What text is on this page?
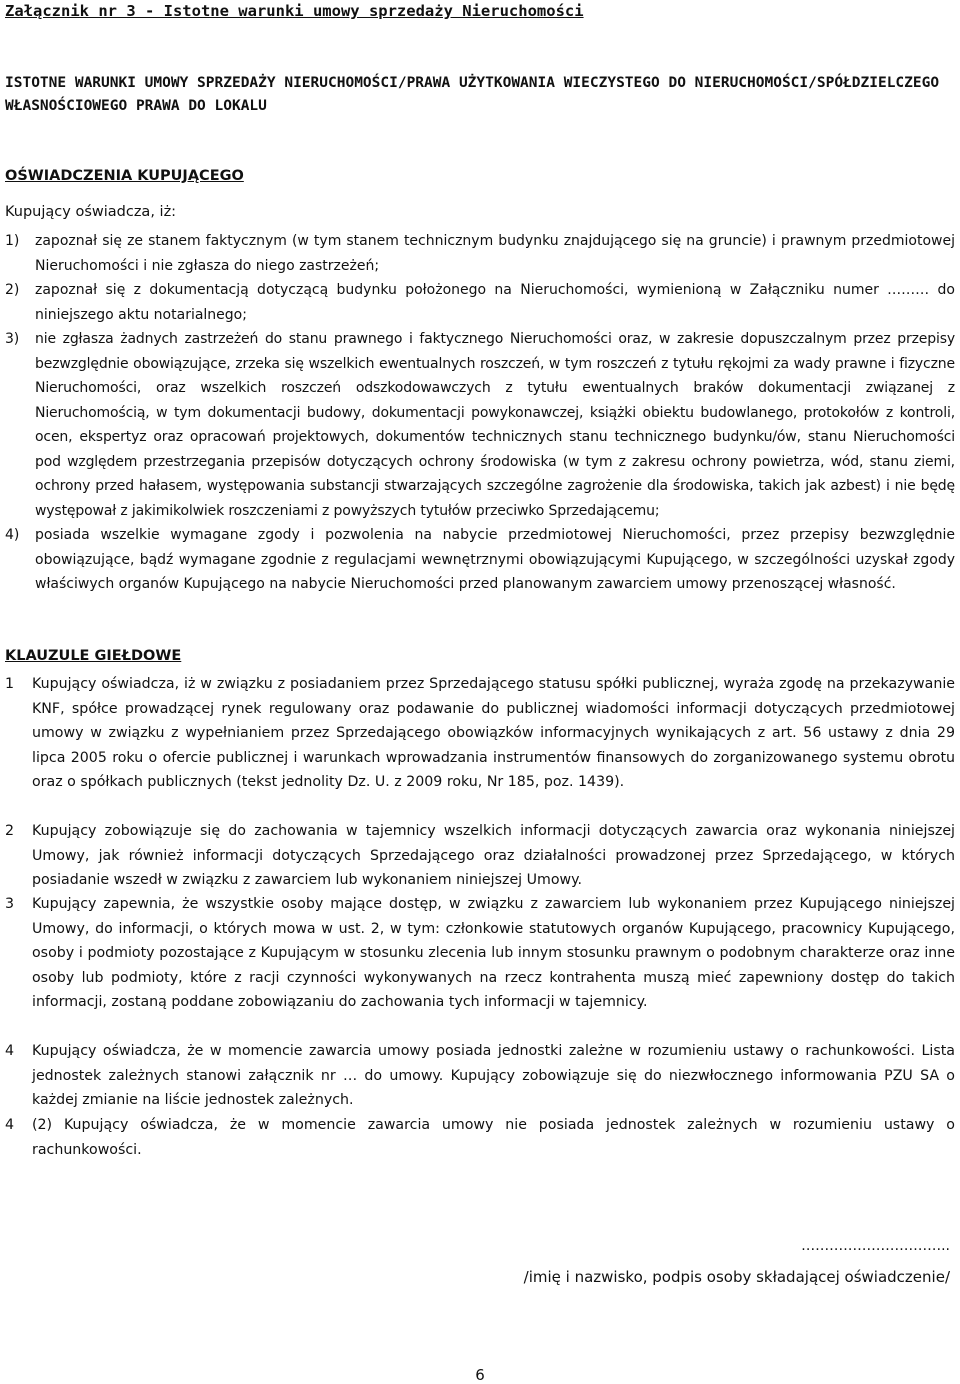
Załącznik nr 3 - Istotne warunki umowy sprzedaży Nieruchomości
ISTOTNE WARUNKI UMOWY SPRZEDAŻY NIERUCHOMOŚCI/PRAWA UŻYTKOWANIA WIECZYSTEGO DO NIERUCHOMOŚCI/SPÓŁDZIELCZEGO WŁASNOŚCIOWEGO PRAWA DO LOKALU
OŚWIADCZENIA KUPUJĄCEGO
Kupujący oświadcza, iż:
1) zapoznał się ze stanem faktycznym (w tym stanem technicznym budynku znajdującego się na gruncie) i prawnym przedmiotowej Nieruchomości i nie zgłasza do niego zastrzeżeń;
2) zapoznał się z dokumentacją dotyczącą budynku położonego na Nieruchomości, wymienioną w Załączniku numer ……… do niniejszego aktu notarialnego;
3) nie zgłasza żadnych zastrzeżeń do stanu prawnego i faktycznego Nieruchomości oraz, w zakresie dopuszczalnym przez przepisy bezwzględnie obowiązujące, zrzeka się wszelkich ewentualnych roszczeń, w tym roszczeń z tytułu rękojmi za wady prawne i fizyczne Nieruchomości, oraz wszelkich roszczeń odszkodowawczych z tytułu ewentualnych braków dokumentacji związanej z Nieruchomością, w tym dokumentacji budowy, dokumentacji powykonawczej, książki obiektu budowlanego, protokołów z kontroli, ocen, ekspertyz oraz opracowań projektowych, dokumentów technicznych stanu technicznego budynku/ów, stanu Nieruchomości pod względem przestrzegania przepisów dotyczących ochrony środowiska (w tym z zakresu ochrony powietrza, wód, stanu ziemi, ochrony przed hałasem, występowania substancji stwarzających szczególne zagrożenie dla środowiska, takich jak azbest) i nie będę występował z jakimikolwiek roszczeniami z powyższych tytułów przeciwko Sprzedającemu;
4) posiada wszelkie wymagane zgody i pozwolenia na nabycie przedmiotowej Nieruchomości, przez przepisy bezwzględnie obowiązujące, bądź wymagane zgodnie z regulacjami wewnętrznymi obowiązującymi Kupującego, w szczególności uzyskał zgody właściwych organów Kupującego na nabycie Nieruchomości przed planowanym zawarciem umowy przenoszącej własność.
KLAUZULE GIEŁDOWE
1 Kupujący oświadcza, iż w związku z posiadaniem przez Sprzedającego statusu spółki publicznej, wyraża zgodę na przekazywanie KNF, spółce prowadzącej rynek regulowany oraz podawanie do publicznej wiadomości informacji dotyczących przedmiotowej umowy w związku z wypełnianiem przez Sprzedającego obowiązków informacyjnych wynikających z art. 56 ustawy z dnia 29 lipca 2005 roku o ofercie publicznej i warunkach wprowadzania instrumentów finansowych do zorganizowanego systemu obrotu oraz o spółkach publicznych (tekst jednolity Dz. U. z 2009 roku, Nr 185, poz. 1439).
2 Kupujący zobowiązuje się do zachowania w tajemnicy wszelkich informacji dotyczących zawarcia oraz wykonania niniejszej Umowy, jak również informacji dotyczących Sprzedającego oraz działalności prowadzonej przez Sprzedającego, w których posiadanie wszedł w związku z zawarciem lub wykonaniem niniejszej Umowy.
3 Kupujący zapewnia, że wszystkie osoby mające dostęp, w związku z zawarciem lub wykonaniem przez Kupującego niniejszej Umowy, do informacji, o których mowa w ust. 2, w tym: członkowie statutowych organów Kupującego, pracownicy Kupującego, osoby i podmioty pozostające z Kupującym w stosunku zlecenia lub innym stosunku prawnym o podobnym charakterze oraz inne osoby lub podmioty, które z racji czynności wykonywanych na rzecz kontrahenta muszą mieć zapewniony dostęp do takich informacji, zostaną poddane zobowiązaniu do zachowania tych informacji w tajemnicy.
4 Kupujący oświadcza, że w momencie zawarcia umowy posiada jednostki zależne w rozumieniu ustawy o rachunkowości. Lista jednostek zależnych stanowi załącznik nr … do umowy. Kupujący zobowiązuje się do niezwłocznego informowania PZU SA o każdej zmianie na liście jednostek zależnych.
4 (2) Kupujący oświadcza, że w momencie zawarcia umowy nie posiada jednostek zależnych w rozumieniu ustawy o rachunkowości.
…………………………..
/imię i nazwisko, podpis osoby składającej oświadczenie/
6
